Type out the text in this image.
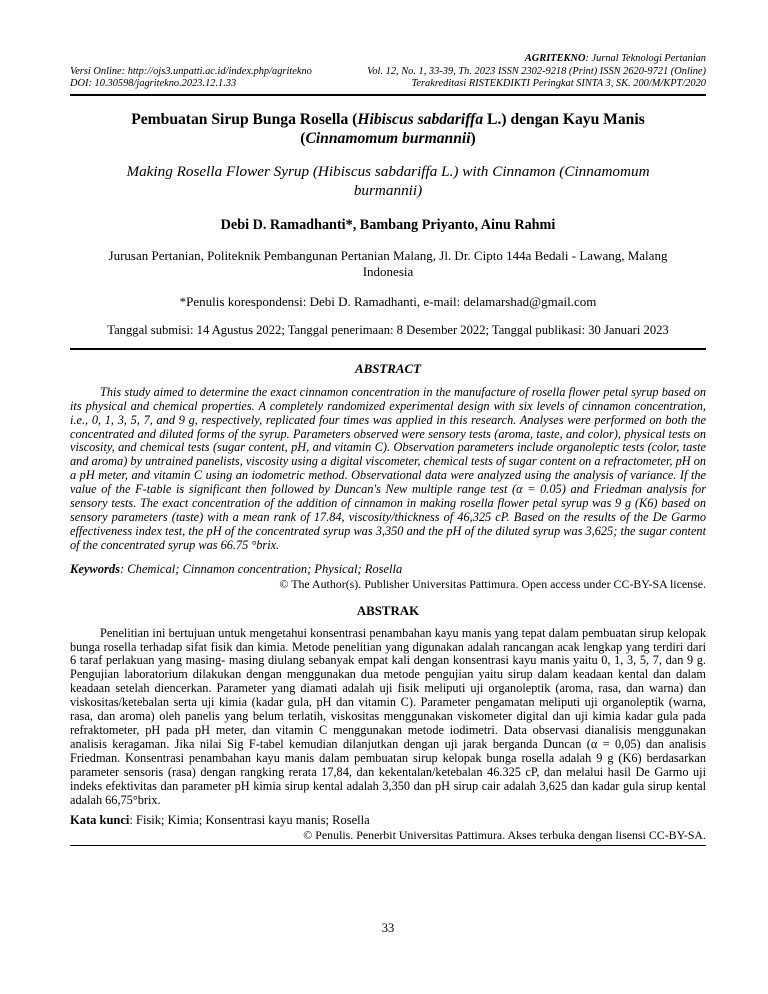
Versi Online: http://ojs3.unpatti.ac.id/index.php/agritekno
DOI: 10.30598/jagritekno.2023.12.1.33
AGRITEKNO: Jurnal Teknologi Pertanian
Vol. 12, No. 1, 33-39, Th. 2023 ISSN 2302-9218 (Print) ISSN 2620-9721 (Online)
Terakreditasi RISTEKDIKTI Peringkat SINTA 3, SK. 200/M/KPT/2020
Pembuatan Sirup Bunga Rosella (Hibiscus sabdariffa L.) dengan Kayu Manis
(Cinnamomum burmannii)
Making Rosella Flower Syrup (Hibiscus sabdariffa L.) with Cinnamon (Cinnamomum
burmannii)
Debi D. Ramadhanti*, Bambang Priyanto, Ainu Rahmi
Jurusan Pertanian, Politeknik Pembangunan Pertanian Malang, Jl. Dr. Cipto 144a Bedali - Lawang, Malang
Indonesia
*Penulis korespondensi: Debi D. Ramadhanti, e-mail: delamarshad@gmail.com
Tanggal submisi: 14 Agustus 2022; Tanggal penerimaan: 8 Desember 2022; Tanggal publikasi: 30 Januari 2023
ABSTRACT

This study aimed to determine the exact cinnamon concentration in the manufacture of rosella flower petal syrup based on its physical and chemical properties. A completely randomized experimental design with six levels of cinnamon concentration, i.e., 0, 1, 3, 5, 7, and 9 g, respectively, replicated four times was applied in this research. Analyses were performed on both the concentrated and diluted forms of the syrup. Parameters observed were sensory tests (aroma, taste, and color), physical tests on viscosity, and chemical tests (sugar content, pH, and vitamin C). Observation parameters include organoleptic tests (color, taste and aroma) by untrained panelists, viscosity using a digital viscometer, chemical tests of sugar content on a refractometer, pH on a pH meter, and vitamin C using an iodometric method. Observational data were analyzed using the analysis of variance. If the value of the F-table is significant then followed by Duncan's New multiple range test (α = 0.05) and Friedman analysis for sensory tests. The exact concentration of the addition of cinnamon in making rosella flower petal syrup was 9 g (K6) based on sensory parameters (taste) with a mean rank of 17.84, viscosity/thickness of 46,325 cP. Based on the results of the De Garmo effectiveness index test, the pH of the concentrated syrup was 3,350 and the pH of the diluted syrup was 3,625; the sugar content of the concentrated syrup was 66.75 °brix.

Keywords: Chemical; Cinnamon concentration; Physical; Rosella
© The Author(s). Publisher Universitas Pattimura. Open access under CC-BY-SA license.
ABSTRAK

Penelitian ini bertujuan untuk mengetahui konsentrasi penambahan kayu manis yang tepat dalam pembuatan sirup kelopak bunga rosella terhadap sifat fisik dan kimia. Metode penelitian yang digunakan adalah rancangan acak lengkap yang terdiri dari 6 taraf perlakuan yang masing- masing diulang sebanyak empat kali dengan konsentrasi kayu manis yaitu 0, 1, 3, 5, 7, dan 9 g. Pengujian laboratorium dilakukan dengan menggunakan dua metode pengujian yaitu sirup dalam keadaan kental dan dalam keadaan setelah diencerkan. Parameter yang diamati adalah uji fisik meliputi uji organoleptik (aroma, rasa, dan warna) dan viskositas/ketebalan serta uji kimia (kadar gula, pH dan vitamin C). Parameter pengamatan meliputi uji organoleptik (warna, rasa, dan aroma) oleh panelis yang belum terlatih, viskositas menggunakan viskometer digital dan uji kimia kadar gula pada refraktometer, pH pada pH meter, dan vitamin C menggunakan metode iodimetri. Data observasi dianalisis menggunakan analisis keragaman. Jika nilai Sig F-tabel kemudian dilanjutkan dengan uji jarak berganda Duncan (α = 0,05) dan analisis Friedman. Konsentrasi penambahan kayu manis dalam pembuatan sirup kelopak bunga rosella adalah 9 g (K6) berdasarkan parameter sensoris (rasa) dengan rangking rerata 17,84, dan kekentalan/ketebalan 46.325 cP, dan melalui hasil De Garmo uji indeks efektivitas dan parameter pH kimia sirup kental adalah 3,350 dan pH sirup cair adalah 3,625 dan kadar gula sirup kental adalah 66,75°brix.

Kata kunci: Fisik; Kimia; Konsentrasi kayu manis; Rosella
© Penulis. Penerbit Universitas Pattimura. Akses terbuka dengan lisensi CC-BY-SA.
33
